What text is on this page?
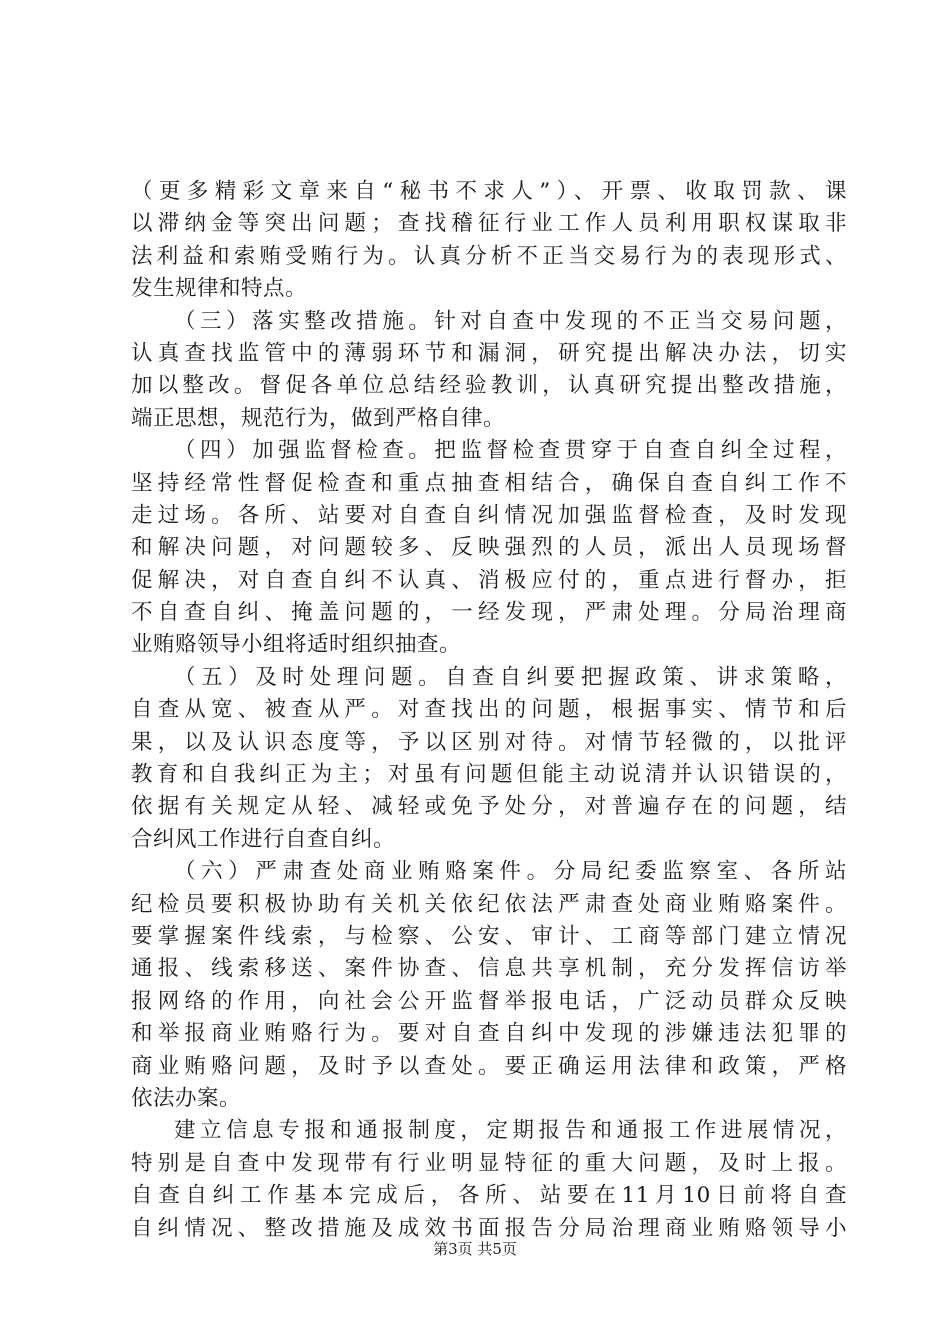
（更多精彩文章来自“秘书不求人”）、开票、收取罚款、课
以滞纳金等突出问题；查找稽征行业工作人员利用职权谋取非
法利益和索贿受贿行为。认真分析不正当交易行为的表现形式、
发生规律和特点。
（三）落实整改措施。针对自查中发现的不正当交易问题，
认真查找监管中的薄弱环节和漏洞，研究提出解决办法，切实
加以整改。督促各单位总结经验教训，认真研究提出整改措施，
端正思想，规范行为，做到严格自律。
（四）加强监督检查。把监督检查贯穿于自查自纠全过程，
坚持经常性督促检查和重点抽查相结合，确保自查自纠工作不
走过场。各所、站要对自查自纠情况加强监督检查，及时发现
和解决问题，对问题较多、反映强烈的人员，派出人员现场督
促解决，对自查自纠不认真、消极应付的，重点进行督办，拒
不自查自纠、掩盖问题的，一经发现，严肃处理。分局治理商
业贿赂领导小组将适时组织抽查。
（五）及时处理问题。自查自纠要把握政策、讲求策略，
自查从宽、被查从严。对查找出的问题，根据事实、情节和后
果，以及认识态度等，予以区别对待。对情节轻微的，以批评
教育和自我纠正为主；对虽有问题但能主动说清并认识错误的，
依据有关规定从轻、减轻或免予处分，对普遍存在的问题，结
合纠风工作进行自查自纠。
（六）严肃查处商业贿赂案件。分局纪委监察室、各所站
纪检员要积极协助有关机关依纪依法严肃查处商业贿赂案件。
要掌握案件线索，与检察、公安、审计、工商等部门建立情况
通报、线索移送、案件协查、信息共享机制，充分发挥信访举
报网络的作用，向社会公开监督举报电话，广泛动员群众反映
和举报商业贿赂行为。要对自查自纠中发现的涉嫌违法犯罪的
商业贿赂问题，及时予以查处。要正确运用法律和政策，严格
依法办案。
建立信息专报和通报制度，定期报告和通报工作进展情况，
特别是自查中发现带有行业明显特征的重大问题，及时上报。
自查自纠工作基本完成后，各所、站要在11月10日前将自查
自纠情况、整改措施及成效书面报告分局治理商业贿赂领导小
第3页 共5页
